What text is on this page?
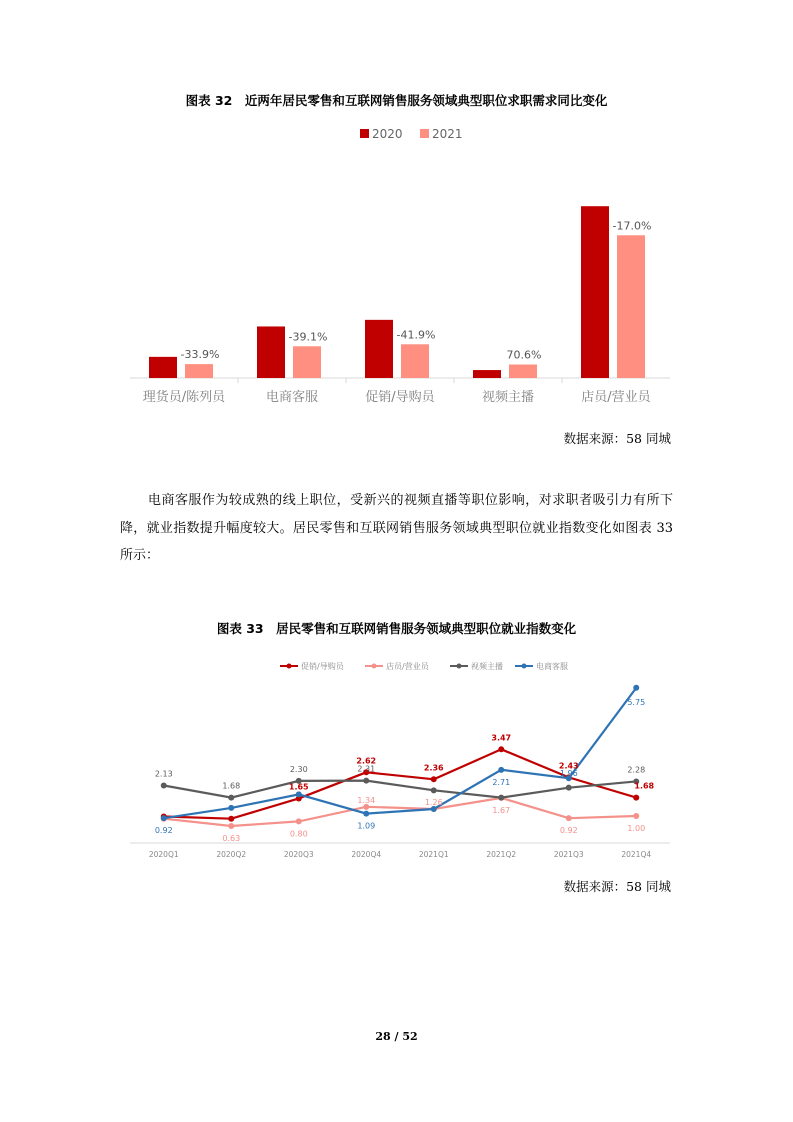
图表 32　近两年居民零售和互联网销售服务领域典型职位求职需求同比变化
2020 2021
-33.9%
理货员/陈列员
-39.1%
电商客服
-41.9%
促销/导购员
70.6%
视频主播
-17.0%
店员/营业员
数据来源：58 同城

电商客服作为较成熟的线上职位，受新兴的视频直播等职位影响，对求职者吸引力有所下降，就业指数提升幅度较大。居民零售和互联网销售服务领域典型职位就业指数变化如图表 33 所示：

图表 33　居民零售和互联网销售服务领域典型职位就业指数变化
促销/导购员	店员/营业员	视频主播	电商客服
2020Q1	2020Q2	2020Q3	2020Q4	2021Q1	2021Q2	2021Q3	2021Q4
2.13
1.68
2.30	2.31	2.28
1.65
2.62
2.36
3.47
2.43
1.68
0.63
0.80
1.34	1.26
1.67
0.92	1.00
0.92
1.09
2.71
1.96
5.75
数据来源：58 同城
28 / 52
